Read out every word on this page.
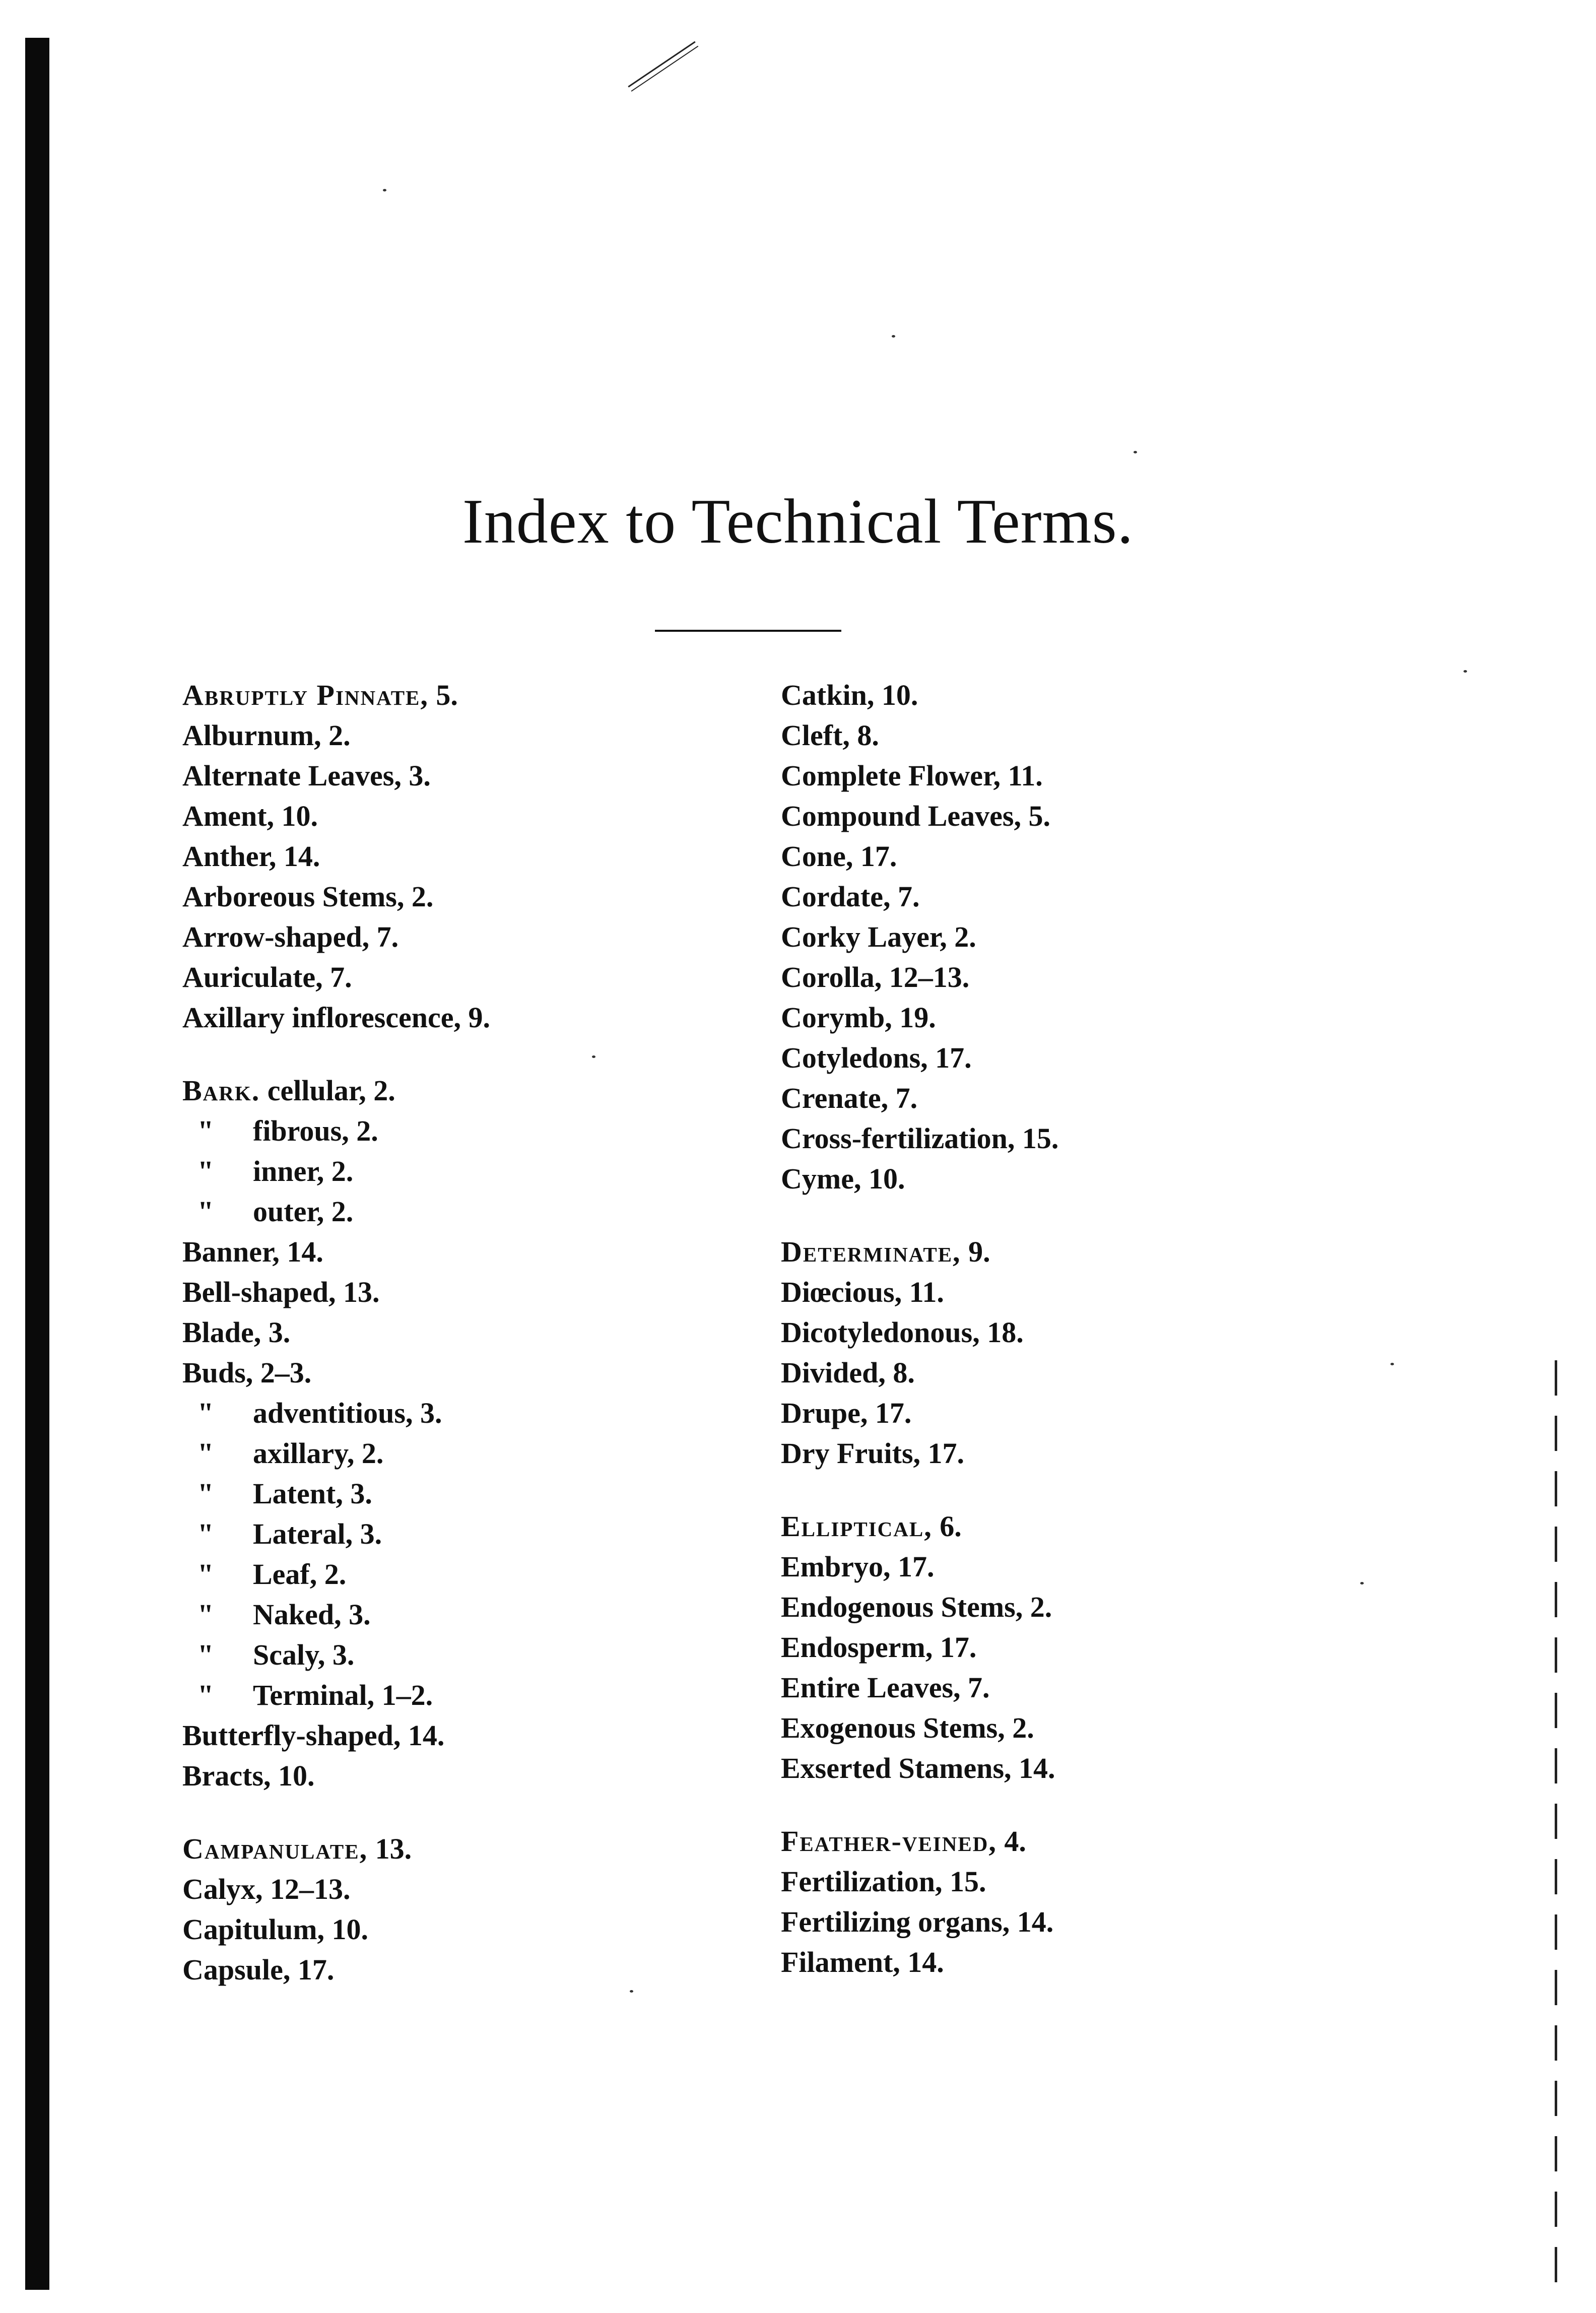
Index to Technical Terms.
Abruptly Pinnate, 5.
Alburnum, 2.
Alternate Leaves, 3.
Ament, 10.
Anther, 14.
Arboreous Stems, 2.
Arrow-shaped, 7.
Auriculate, 7.
Axillary inflorescence, 9.
Bark. cellular, 2.
" fibrous, 2.
" inner, 2.
" outer, 2.
Banner, 14.
Bell-shaped, 13.
Blade, 3.
Buds, 2–3.
" adventitious, 3.
" axillary, 2.
" Latent, 3.
" Lateral, 3.
" Leaf, 2.
" Naked, 3.
" Scaly, 3.
" Terminal, 1–2.
Butterfly-shaped, 14.
Bracts, 10.
Campanulate, 13.
Calyx, 12–13.
Capitulum, 10.
Capsule, 17.
Catkin, 10.
Cleft, 8.
Complete Flower, 11.
Compound Leaves, 5.
Cone, 17.
Cordate, 7.
Corky Layer, 2.
Corolla, 12–13.
Corymb, 19.
Cotyledons, 17.
Crenate, 7.
Cross-fertilization, 15.
Cyme, 10.
Determinate, 9.
Diœcious, 11.
Dicotyledonous, 18.
Divided, 8.
Drupe, 17.
Dry Fruits, 17.
Elliptical, 6.
Embryo, 17.
Endogenous Stems, 2.
Endosperm, 17.
Entire Leaves, 7.
Exogenous Stems, 2.
Exserted Stamens, 14.
Feather-veined, 4.
Fertilization, 15.
Fertilizing organs, 14.
Filament, 14.
